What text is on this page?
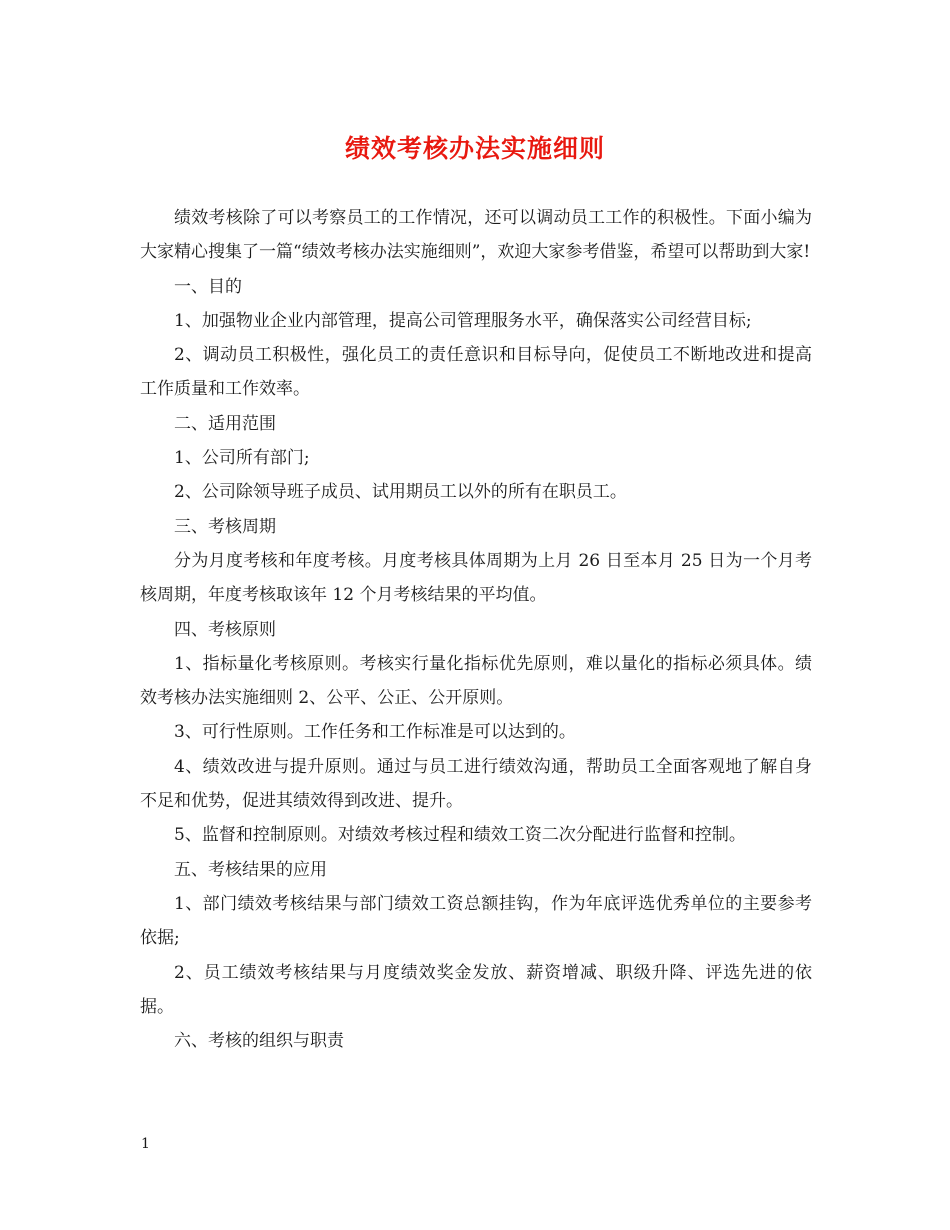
绩效考核办法实施细则

绩效考核除了可以考察员工的工作情况，还可以调动员工工作的积极性。下面小编为大家精心搜集了一篇“绩效考核办法实施细则”，欢迎大家参考借鉴，希望可以帮助到大家!

一、目的

1、加强物业企业内部管理，提高公司管理服务水平，确保落实公司经营目标;

2、调动员工积极性，强化员工的责任意识和目标导向，促使员工不断地改进和提高工作质量和工作效率。

二、适用范围

1、公司所有部门;

2、公司除领导班子成员、试用期员工以外的所有在职员工。

三、考核周期

分为月度考核和年度考核。月度考核具体周期为上月 26 日至本月 25 日为一个月考核周期，年度考核取该年 12 个月考核结果的平均值。

四、考核原则

1、指标量化考核原则。考核实行量化指标优先原则，难以量化的指标必须具体。绩效考核办法实施细则 2、公平、公正、公开原则。

3、可行性原则。工作任务和工作标准是可以达到的。

4、绩效改进与提升原则。通过与员工进行绩效沟通，帮助员工全面客观地了解自身不足和优势，促进其绩效得到改进、提升。

5、监督和控制原则。对绩效考核过程和绩效工资二次分配进行监督和控制。

五、考核结果的应用

1、部门绩效考核结果与部门绩效工资总额挂钩，作为年底评选优秀单位的主要参考依据;

2、员工绩效考核结果与月度绩效奖金发放、薪资增减、职级升降、评选先进的依据。

六、考核的组织与职责

1
